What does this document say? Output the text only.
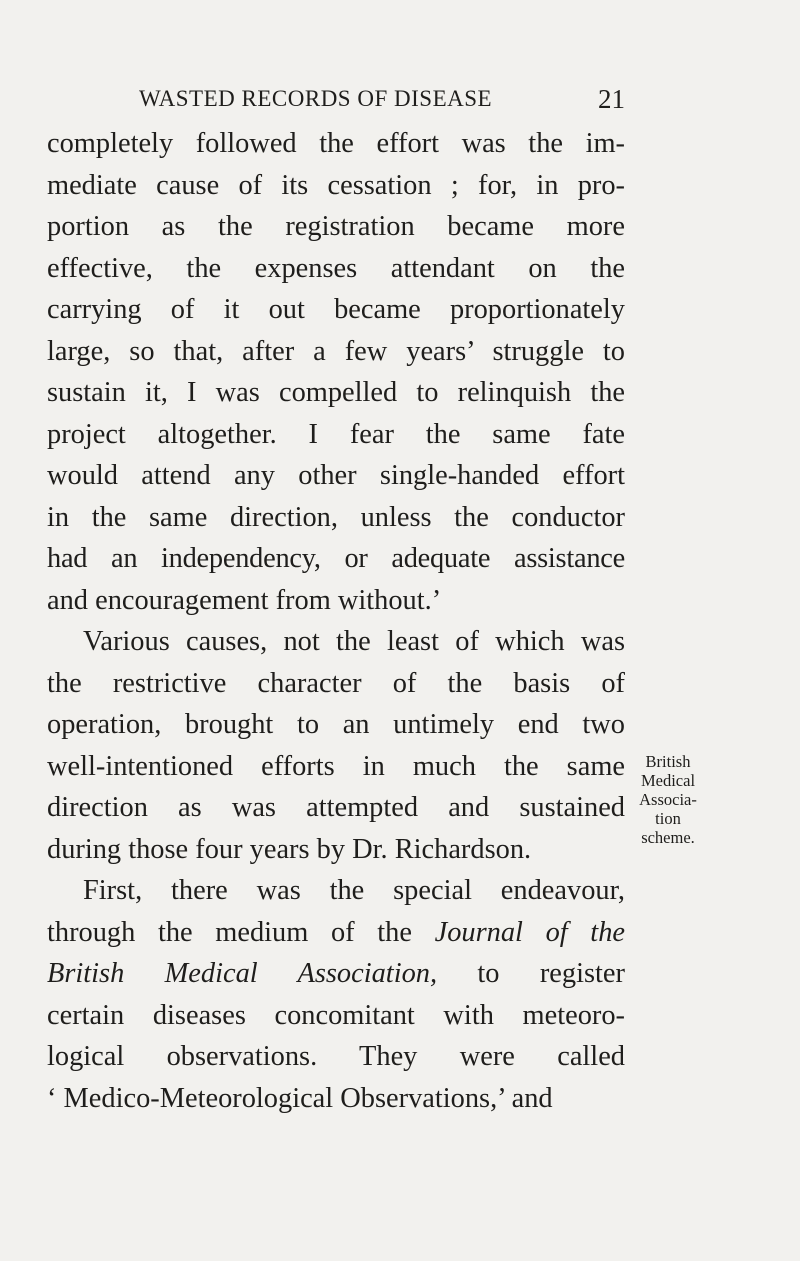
WASTED RECORDS OF DISEASE	21
completely followed the effort was the im-
mediate cause of its cessation ; for, in pro-
portion as the registration became more
effective, the expenses attendant on the
carrying of it out became proportionately
large, so that, after a few years’ struggle to
sustain it, I was compelled to relinquish the
project altogether. I fear the same fate
would attend any other single-handed effort
in the same direction, unless the conductor
had an independency, or adequate assistance
and encouragement from without.’
Various causes, not the least of which was
the restrictive character of the basis of
operation, brought to an untimely end two
well-intentioned efforts in much the same
direction as was attempted and sustained
during those four years by Dr. Richardson.
First, there was the special endeavour,
through the medium of the Journal of the
British Medical Association, to register
certain diseases concomitant with meteoro-
logical observations. They were called
‘ Medico-Meteorological Observations,’ and
British
Medical
Associa-
tion
scheme.
